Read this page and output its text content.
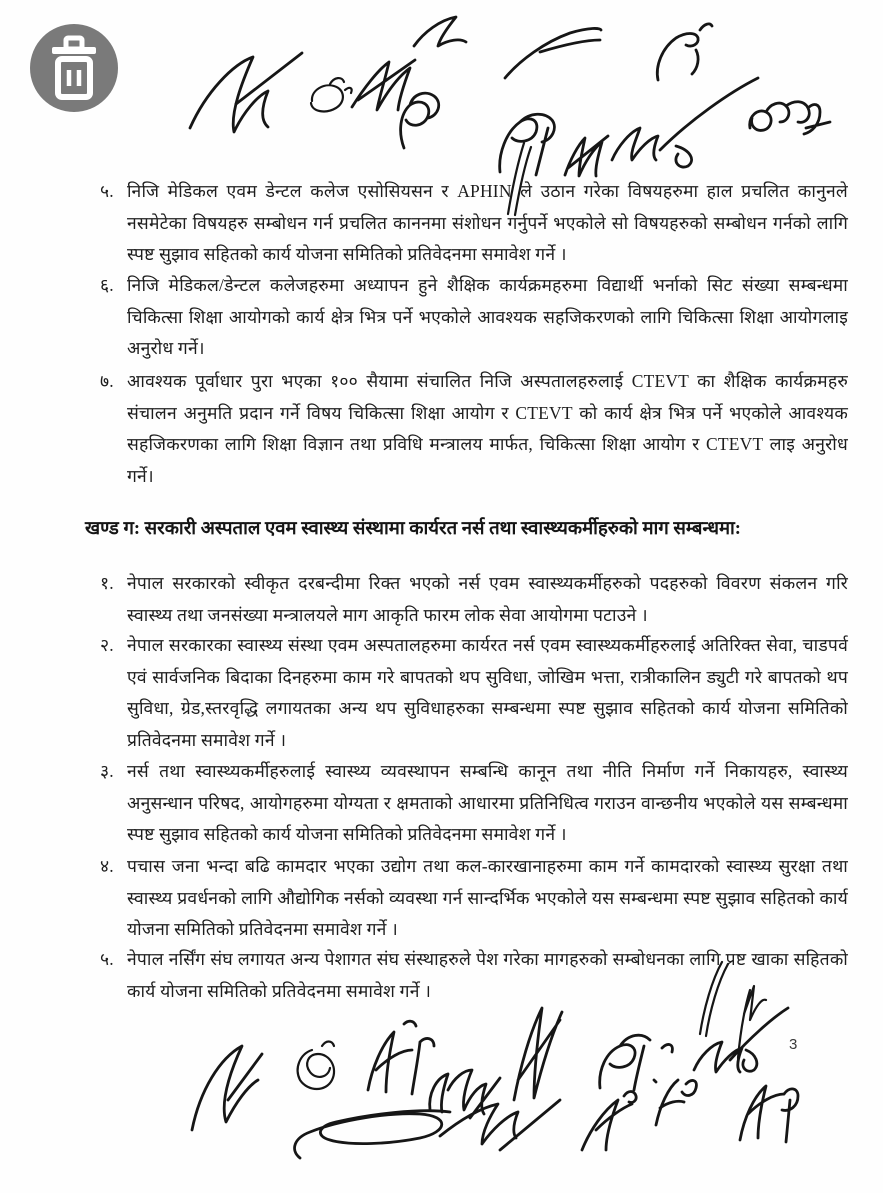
५. निजि मेडिकल एवम डेन्टल कलेज एसोसियसन र APHIN ले उठान गरेका विषयहरुमा हाल प्रचलित कानुनले नसमेटेका विषयहरु सम्बोधन गर्न प्रचलित काननमा संशोधन गर्नुपर्ने भएकोले सो विषयहरुको सम्बोधन गर्नको लागि स्पष्ट सुझाव सहितको कार्य योजना समितिको प्रतिवेदनमा समावेश गर्ने ।
६. निजि मेडिकल/डेन्टल कलेजहरुमा अध्यापन हुने शैक्षिक कार्यक्रमहरुमा विद्यार्थी भर्नाको सिट संख्या सम्बन्धमा चिकित्सा शिक्षा आयोगको कार्य क्षेत्र भित्र पर्ने भएकोले आवश्यक सहजिकरणको लागि चिकित्सा शिक्षा आयोगलाइ अनुरोध गर्ने।
७. आवश्यक पूर्वाधार पुरा भएका १०० सैयामा संचालित निजि अस्पतालहरुलाई CTEVT का शैक्षिक कार्यक्रमहरु संचालन अनुमति प्रदान गर्ने विषय चिकित्सा शिक्षा आयोग र CTEVT को कार्य क्षेत्र भित्र पर्ने भएकोले आवश्यक सहजिकरणका लागि शिक्षा विज्ञान तथा प्रविधि मन्त्रालय मार्फत, चिकित्सा शिक्षा आयोग र CTEVT लाइ अनुरोध गर्ने।
खण्ड ग: सरकारी अस्पताल एवम स्वास्थ्य संस्थामा कार्यरत नर्स तथा स्वास्थ्यकर्मीहरुको माग सम्बन्धमा:
१. नेपाल सरकारको स्वीकृत दरबन्दीमा रिक्त भएको नर्स एवम स्वास्थ्यकर्मीहरुको पदहरुको विवरण संकलन गरि स्वास्थ्य तथा जनसंख्या मन्त्रालयले माग आकृति फारम लोक सेवा आयोगमा पटाउने ।
२. नेपाल सरकारका स्वास्थ्य संस्था एवम अस्पतालहरुमा कार्यरत नर्स एवम स्वास्थ्यकर्मीहरुलाई अतिरिक्त सेवा, चाडपर्व एवं सार्वजनिक बिदाका दिनहरुमा काम गरे बापतको थप सुविधा, जोखिम भत्ता, रात्रीकालिन ड्युटी गरे बापतको थप सुविधा, ग्रेड,स्तरवृद्धि लगायतका अन्य थप सुविधाहरुका सम्बन्धमा स्पष्ट सुझाव सहितको कार्य योजना समितिको प्रतिवेदनमा समावेश गर्ने ।
३. नर्स तथा स्वास्थ्यकर्मीहरुलाई स्वास्थ्य व्यवस्थापन सम्बन्धि कानून तथा नीति निर्माण गर्ने निकायहरु, स्वास्थ्य अनुसन्धान परिषद, आयोगहरुमा योग्यता र क्षमताको आधारमा प्रतिनिधित्व गराउन वान्छनीय भएकोले यस सम्बन्धमा स्पष्ट सुझाव सहितको कार्य योजना समितिको प्रतिवेदनमा समावेश गर्ने ।
४. पचास जना भन्दा बढि कामदार भएका उद्योग तथा कल-कारखानाहरुमा काम गर्ने कामदारको स्वास्थ्य सुरक्षा तथा स्वास्थ्य प्रवर्धनको लागि औद्योगिक नर्सको व्यवस्था गर्न सान्दर्भिक भएकोले यस सम्बन्धमा स्पष्ट सुझाव सहितको कार्य योजना समितिको प्रतिवेदनमा समावेश गर्ने ।
५. नेपाल नर्सिंग संघ लगायत अन्य पेशागत संघ संस्थाहरुले पेश गरेका मागहरुको सम्बोधनका लागि प्रष्ट खाका सहितको कार्य योजना समितिको प्रतिवेदनमा समावेश गर्ने ।
3
